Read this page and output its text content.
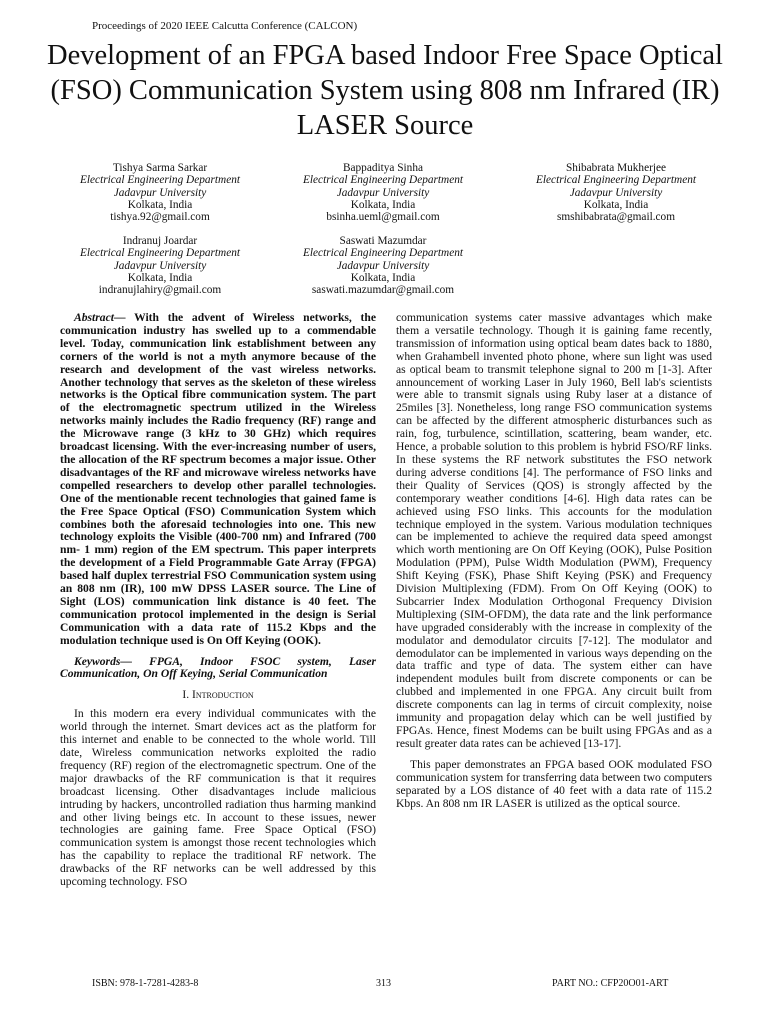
Proceedings of 2020 IEEE Calcutta Conference (CALCON)
Development of an FPGA based Indoor Free Space Optical (FSO) Communication System using 808 nm Infrared (IR) LASER Source
Tishya Sarma Sarkar
Electrical Engineering Department
Jadavpur University
Kolkata, India
tishya.92@gmail.com
Bappaditya Sinha
Electrical Engineering Department
Jadavpur University
Kolkata, India
bsinha.ueml@gmail.com
Shibabrata Mukherjee
Electrical Engineering Department
Jadavpur University
Kolkata, India
smshibabrata@gmail.com
Indranuj Joardar
Electrical Engineering Department
Jadavpur University
Kolkata, India
indranujlahiry@gmail.com
Saswati Mazumdar
Electrical Engineering Department
Jadavpur University
Kolkata, India
saswati.mazumdar@gmail.com

Abstract— With the advent of Wireless networks, the communication industry has swelled up to a commendable level. Today, communication link establishment between any corners of the world is not a myth anymore because of the research and development of the vast wireless networks. Another technology that serves as the skeleton of these wireless networks is the Optical fibre communication system. The part of the electromagnetic spectrum utilized in the Wireless networks mainly includes the Radio frequency (RF) range and the Microwave range (3 kHz to 30 GHz) which requires broadcast licensing. With the ever-increasing number of users, the allocation of the RF spectrum becomes a major issue. Other disadvantages of the RF and microwave wireless networks have compelled researchers to develop other parallel technologies. One of the mentionable recent technologies that gained fame is the Free Space Optical (FSO) Communication System which combines both the aforesaid technologies into one. This new technology exploits the Visible (400-700 nm) and Infrared (700 nm- 1 mm) region of the EM spectrum. This paper interprets the development of a Field Programmable Gate Array (FPGA) based half duplex terrestrial FSO Communication system using an 808 nm (IR), 100 mW DPSS LASER source. The Line of Sight (LOS) communication link distance is 40 feet. The communication protocol implemented in the design is Serial Communication with a data rate of 115.2 Kbps and the modulation technique used is On Off Keying (OOK).

Keywords— FPGA, Indoor FSOC system, Laser Communication, On Off Keying, Serial Communication

I. Introduction

In this modern era every individual communicates with the world through the internet. Smart devices act as the platform for this internet and enable to be connected to the whole world. Till date, Wireless communication networks exploited the radio frequency (RF) region of the electromagnetic spectrum. One of the major drawbacks of the RF communication is that it requires broadcast licensing. Other disadvantages include malicious intruding by hackers, uncontrolled radiation thus harming mankind and other living beings etc. In account to these issues, newer technologies are gaining fame. Free Space Optical (FSO) communication system is amongst those recent technologies which has the capability to replace the traditional RF network. The drawbacks of the RF networks can be well addressed by this upcoming technology. FSO

communication systems cater massive advantages which make them a versatile technology. Though it is gaining fame recently, transmission of information using optical beam dates back to 1880, when Grahambell invented photo phone, where sun light was used as optical beam to transmit telephone signal to 200 m [1-3]. After announcement of working Laser in July 1960, Bell lab's scientists were able to transmit signals using Ruby laser at a distance of 25miles [3]. Nonetheless, long range FSO communication systems can be affected by the different atmospheric disturbances such as rain, fog, turbulence, scintillation, scattering, beam wander, etc. Hence, a probable solution to this problem is hybrid FSO/RF links. In these systems the RF network substitutes the FSO network during adverse conditions [4]. The performance of FSO links and their Quality of Services (QOS) is strongly affected by the contemporary weather conditions [4-6]. High data rates can be achieved using FSO links. This accounts for the modulation technique employed in the system. Various modulation techniques can be implemented to achieve the required data speed amongst which worth mentioning are On Off Keying (OOK), Pulse Position Modulation (PPM), Pulse Width Modulation (PWM), Frequency Shift Keying (FSK), Phase Shift Keying (PSK) and Frequency Division Multiplexing (FDM). From On Off Keying (OOK) to Subcarrier Index Modulation Orthogonal Frequency Division Multiplexing (SIM-OFDM), the data rate and the link performance have upgraded considerably with the increase in complexity of the modulator and demodulator circuits [7-12]. The modulator and demodulator can be implemented in various ways depending on the data traffic and type of data. The system either can have independent modules built from discrete components or can be clubbed and implemented in one FPGA. Any circuit built from discrete components can lag in terms of circuit complexity, noise immunity and propagation delay which can be well justified by FPGAs. Hence, finest Modems can be built using FPGAs and as a result greater data rates can be achieved [13-17].

This paper demonstrates an FPGA based OOK modulated FSO communication system for transferring data between two computers separated by a LOS distance of 40 feet with a data rate of 115.2 Kbps. An 808 nm IR LASER is utilized as the optical source.

ISBN: 978-1-7281-4283-8	313	PART NO.: CFP20O01-ART
